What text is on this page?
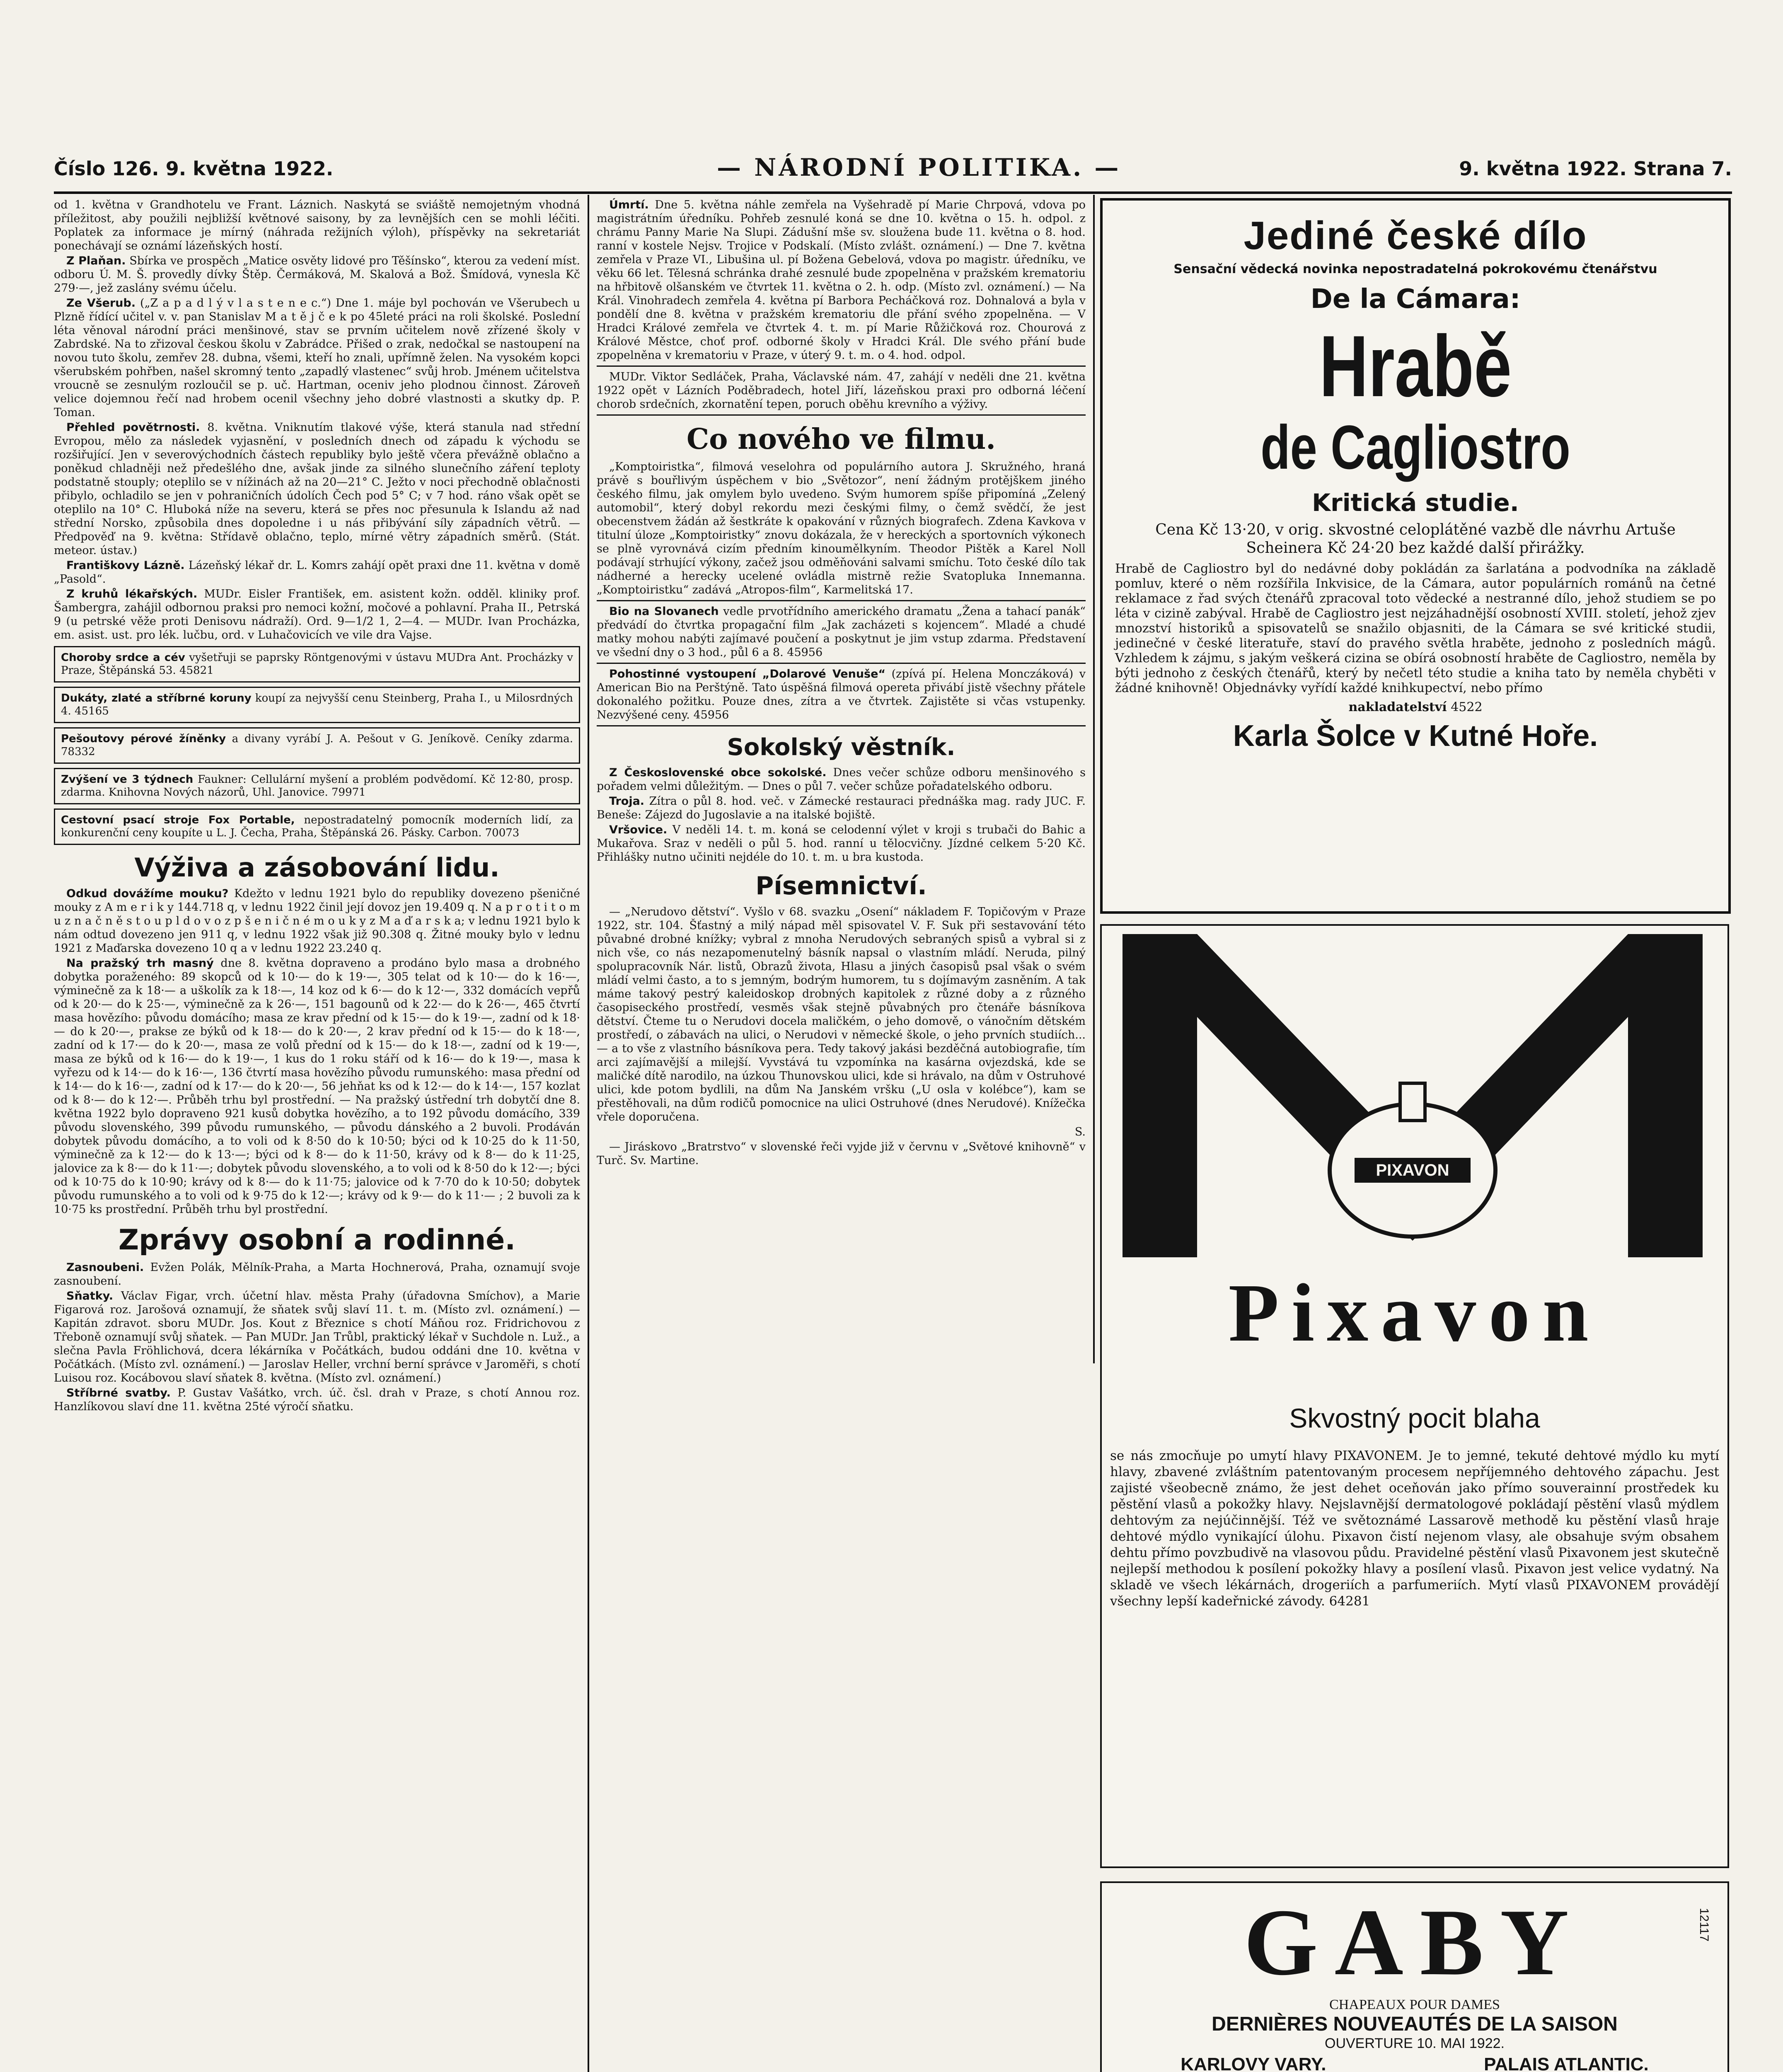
Číslo 126. 9. května 1922.	— NÁRODNÍ POLITIKA. —	9. května 1922. Strana 7.

od 1. května v Grandhotelu ve Frant. Láznich. Naskytá se sviáště nemojetným vhodná příležitost, aby použili nejbližší květnové saisony, by za levnějších cen se mohli léčiti. Poplatek za informace je mírný (náhrada režijních výloh), příspěvky na sekretariát ponechávají se oznámí lázeňských hostí.

Z Plaňan. Sbírka ve prospěch „Matice osvěty lidové pro Těšínsko“, kterou za vedení míst. odboru Ú. M. Š. provedly dívky Štěp. Čermáková, M. Skalová a Bož. Šmídová, vynesla Kč 279·—, jež zaslány svému účelu.

Ze Všerub. („Z a p a d l ý v l a s t e n e c.“) Dne 1. máje byl pochován ve Všerubech u Plzně řídící učitel v. v. pan Stanislav M a t ě j č e k po 45leté práci na roli školské. Poslední léta věnoval národní práci menšinové, stav se prvním učitelem nově zřízené školy v Zabrdské. Na to zřizoval českou školu v Zabrádce. Přišed o zrak, nedočkal se nastoupení na novou tuto školu, zemřev 28. dubna, všemi, kteří ho znali, upřímně želen. Na vysokém kopci všerubském pohřben, našel skromný tento „zapadlý vlastenec“ svůj hrob. Jménem učitelstva vroucně se zesnulým rozloučil se p. uč. Hartman, oceniv jeho plodnou činnost. Zároveň velice dojemnou řečí nad hrobem ocenil všechny jeho dobré vlastnosti a skutky dp. P. Toman.

Přehled povětrnosti. 8. května. Vniknutím tlakové výše, která stanula nad střední Evropou, mělo za následek vyjasnění, v posledních dnech od západu k východu se rozšiřující. Jen v severovýchodních částech republiky bylo ještě včera převážně oblačno a poněkud chladněji než předešlého dne, avšak jinde za silného slunečního záření teploty podstatně stouply; oteplilo se v nížinách až na 20—21° C. Ježto v noci přechodně oblačnosti přibylo, ochladilo se jen v pohraničních údolích Čech pod 5° C; v 7 hod. ráno však opět se oteplilo na 10° C. Hluboká níže na severu, která se přes noc přesunula k Islandu až nad střední Norsko, způsobila dnes dopoledne i u nás přibývání síly západních větrů. — Předpověď na 9. května: Střídavě oblačno, teplo, mírné větry západních směrů. (Stát. meteor. ústav.)

Františkovy Lázně. Lázeňský lékař dr. L. Komrs zahájí opět praxi dne 11. května v domě „Pasold“.

Z kruhů lékařských. MUDr. Eisler František, em. asistent kožn. odděl. kliniky prof. Šambergra, zahájil odbornou praksi pro nemoci kožní, močové a pohlavní. Praha II., Petrská 9 (u petrské věže proti Denisovu nádraží). Ord. 9—1/2 1, 2—4. — MUDr. Ivan Procházka, em. asist. ust. pro lék. lučbu, ord. v Luhačovicích ve vile dra Vajse.

Choroby srdce a cév vyšetřuji se paprsky Röntgenovými v ústavu MUDra Ant. Procházky v Praze, Štěpánská 53. 45821
Dukáty, zlaté a stříbrné koruny koupí za nejvyšší cenu Steinberg, Praha I., u Milosrdných 4. 45165
Pešoutovy pérové žíněnky a divany vyrábí J. A. Pešout v G. Jeníkově. Ceníky zdarma. 78332
Zvýšení ve 3 týdnech Faukner: Cellulární myšení a problém podvědomí. Kč 12·80, prosp. zdarma. Knihovna Nových názorů, Uhl. Janovice. 79971
Cestovní psací stroje Fox Portable, nepostradatelný pomocník moderních lidí, za konkurenční ceny koupíte u L. J. Čecha, Praha, Štěpánská 26. Pásky. Carbon. 70073
Výživa a zásobování lidu.

Odkud dovážíme mouku? Kdežto v lednu 1921 bylo do republiky dovezeno pšeničné mouky z A m e r i k y 144.718 q, v lednu 1922 činil její dovoz jen 19.409 q. N a p r o t i t o m u z n a č n ě s t o u p l d o v o z p š e n i č n é m o u k y z M a ď a r s k a; v lednu 1921 bylo k nám odtud dovezeno jen 911 q, v lednu 1922 však již 90.308 q. Žitné mouky bylo v lednu 1921 z Maďarska dovezeno 10 q a v lednu 1922 23.240 q.

Na pražský trh masný dne 8. května dopraveno a prodáno bylo masa a drobného dobytka poraženého: 89 skopců od k 10·— do k 19·—, 305 telat od k 10·— do k 16·—, výminečně za k 18·— a uškolík za k 18·—, 14 koz od k 6·— do k 12·—, 332 domácích vepřů od k 20·— do k 25·—, výminečně za k 26·—, 151 bagounů od k 22·— do k 26·—, 465 čtvrtí masa hovězího: původu domácího; masa ze krav přední od k 15·— do k 19·—, zadní od k 18·— do k 20·—, prakse ze býků od k 18·— do k 20·—, 2 krav přední od k 15·— do k 18·—, zadní od k 17·— do k 20·—, masa ze volů přední od k 15·— do k 18·—, zadní od k 19·—, masa ze býků od k 16·— do k 19·—, 1 kus do 1 roku stáří od k 16·— do k 19·—, masa k vyřezu od k 14·— do k 16·—, 136 čtvrtí masa hovězího původu rumunského: masa přední od k 14·— do k 16·—, zadní od k 17·— do k 20·—, 56 jehňat ks od k 12·— do k 14·—, 157 kozlat od k 8·— do k 12·—. Průběh trhu byl prostřední. — Na pražský ústřední trh dobytčí dne 8. května 1922 bylo dopraveno 921 kusů dobytka hovězího, a to 192 původu domácího, 339 původu slovenského, 399 původu rumunského, — původu dánského a 2 buvoli. Prodáván dobytek původu domácího, a to voli od k 8·50 do k 10·50; býci od k 10·25 do k 11·50, výminečně za k 12·— do k 13·—; býci od k 8·— do k 11·50, krávy od k 8·— do k 11·25, jalovice za k 8·— do k 11·—; dobytek původu slovenského, a to voli od k 8·50 do k 12·—; býci od k 10·75 do k 10·90; krávy od k 8·— do k 11·75; jalovice od k 7·70 do k 10·50; dobytek původu rumunského a to voli od k 9·75 do k 12·—; krávy od k 9·— do k 11·— ; 2 buvoli za k 10·75 ks prostřední. Průběh trhu byl prostřední.

Zprávy osobní a rodinné.

Zasnoubeni. Evžen Polák, Mělník-Praha, a Marta Hochnerová, Praha, oznamují svoje zasnoubení.

Sňatky. Václav Figar, vrch. účetní hlav. města Prahy (úřadovna Smíchov), a Marie Figarová roz. Jarošová oznamují, že sňatek svůj slaví 11. t. m. (Místo zvl. oznámení.) — Kapitán zdravot. sboru MUDr. Jos. Kout z Březnice s chotí Máňou roz. Fridrichovou z Třeboně oznamují svůj sňatek. — Pan MUDr. Jan Trůbl, praktický lékař v Suchdole n. Luž., a slečna Pavla Fröhlichová, dcera lékárníka v Počátkách, budou oddáni dne 10. května v Počátkách. (Místo zvl. oznámení.) — Jaroslav Heller, vrchní berní správce v Jaroměři, s chotí Luisou roz. Kocábovou slaví sňatek 8. května. (Místo zvl. oznámení.)

Stříbrné svatby. P. Gustav Vašátko, vrch. úč. čsl. drah v Praze, s chotí Annou roz. Hanzlíkovou slaví dne 11. května 25té výročí sňatku.

Úmrtí. Dne 5. května náhle zemřela na Vyšehradě pí Marie Chrpová, vdova po magistrátním úředníku. Pohřeb zesnulé koná se dne 10. května o 15. h. odpol. z chrámu Panny Marie Na Slupi. Zádušní mše sv. sloužena bude 11. května o 8. hod. ranní v kostele Nejsv. Trojice v Podskalí. (Místo zvlášt. oznámení.) — Dne 7. května zemřela v Praze VI., Libušina ul. pí Božena Gebelová, vdova po magistr. úředníku, ve věku 66 let. Tělesná schránka drahé zesnulé bude zpopelněna v pražském krematoriu na hřbitově olšanském ve čtvrtek 11. května o 2. h. odp. (Místo zvl. oznámení.) — Na Král. Vinohradech zemřela 4. května pí Barbora Pecháčková roz. Dohnalová a byla v pondělí dne 8. května v pražském krematoriu dle přání svého zpopelněna. — V Hradci Králové zemřela ve čtvrtek 4. t. m. pí Marie Růžičková roz. Chourová z Králové Městce, choť prof. odborné školy v Hradci Král. Dle svého přání bude zpopelněna v krematoriu v Praze, v úterý 9. t. m. o 4. hod. odpol.

MUDr. Viktor Sedláček, Praha, Václavské nám. 47, zahájí v neděli dne 21. května 1922 opět v Lázních Poděbradech, hotel Jiří, lázeňskou praxi pro odborná léčení chorob srdečních, zkornatění tepen, poruch oběhu krevního a výživy.

Co nového ve filmu.

„Komptoiristka“, filmová veselohra od populárního autora J. Skružného, hraná právě s bouřlivým úspěchem v bio „Světozor“, není žádným protějškem jiného českého filmu, jak omylem bylo uvedeno. Svým humorem spíše připomíná „Zelený automobil“, který dobyl rekordu mezi českými filmy, o čemž svědčí, že jest obecenstvem žádán až šestkráte k opakování v různých biografech. Zdena Kavkova v titulní úloze „Komptoiristky“ znovu dokázala, že v hereckých a sportovních výkonech se plně vyrovnává cizím předním kinoumělkyním. Theodor Pištěk a Karel Noll podávají strhující výkony, začež jsou odměňováni salvami smíchu. Toto české dílo tak nádherné a herecky ucelené ovládla mistrně režie Svatopluka Innemanna. „Komptoiristku“ zadává „Atropos-film“, Karmelitská 17.

Bio na Slovanech vedle prvotřídního amerického dramatu „Žena a tahací panák“ předvádí do čtvrtka propagační film „Jak zacházeti s kojencem“. Mladé a chudé matky mohou nabýti zajímavé poučení a poskytnut je jim vstup zdarma. Představení ve všední dny o 3 hod., půl 6 a 8. 45956

Pohostinné vystoupení „Dolarové Venuše“ (zpívá pí. Helena Monczáková) v American Bio na Perštýně. Tato úspěšná filmová opereta přivábí jistě všechny přátele dokonalého požitku. Pouze dnes, zítra a ve čtvrtek. Zajistěte si včas vstupenky. Nezvýšené ceny. 45956

Sokolský věstník.

Z Československé obce sokolské. Dnes večer schůze odboru menšinového s pořadem velmi důležitým. — Dnes o půl 7. večer schůze pořadatelského odboru.

Troja. Zítra o půl 8. hod. več. v Zámecké restauraci přednáška mag. rady JUC. F. Beneše: Zájezd do Jugoslavie a na italské bojiště.

Vršovice. V neděli 14. t. m. koná se celodenní výlet v kroji s trubači do Bahic a Mukařova. Sraz v neděli o půl 5. hod. ranní u tělocvičny. Jízdné celkem 5·20 Kč. Přihlášky nutno učiniti nejdéle do 10. t. m. u bra kustoda.

Písemnictví.

— „Nerudovo dětství“. Vyšlo v 68. svazku „Osení“ nákladem F. Topičovým v Praze 1922, str. 104. Šťastný a milý nápad měl spisovatel V. F. Suk při sestavování této půvabné drobné knížky; vybral z mnoha Nerudových sebraných spisů a vybral si z nich vše, co nás nezapomenutelný básník napsal o vlastním mládí. Neruda, pilný spolupracovník Nár. listů, Obrazů života, Hlasu a jiných časopisů psal však o svém mládí velmi často, a to s jemným, bodrým humorem, tu s dojímavým zasněním. A tak máme takový pestrý kaleidoskop drobných kapitolek z různé doby a z různého časopiseckého prostředí, vesměs však stejně půvabných pro čtenáře básníkova dětství. Čteme tu o Nerudovi docela maličkém, o jeho domově, o vánočním dětském prostředí, o zábavách na ulici, o Nerudovi v německé škole, o jeho prvních studiích... — a to vše z vlastního básníkova pera. Tedy takový jakási bezděčná autobiografie, tím arci zajímavější a milejší. Vyvstává tu vzpomínka na kasárna ovjezdská, kde se maličké dítě narodilo, na úzkou Thunovskou ulici, kde si hrávalo, na dům v Ostruhové ulici, kde potom bydlili, na dům Na Janském vršku („U osla v kolébce“), kam se přestěhovali, na dům rodičů pomocnice na ulici Ostruhové (dnes Nerudové). Knížečka vřele doporučena.

S.

— Jiráskovo „Bratrstvo“ v slovenské řeči vyjde již v červnu v „Světové knihovně“ v Turč. Sv. Martine.

Jediné české dílo
Sensační vědecká novinka nepostradatelná pokrokovému čtenářstvu
De la Cámara:
Hrabě
de Cagliostro
Kritická studie.
Cena Kč 13·20, v orig. skvostné celoplátěné vazbě dle návrhu Artuše Scheinera Kč 24·20 bez každé další přirážky.
Hrabě de Cagliostro byl do nedávné doby pokládán za šarlatána a podvodníka na základě pomluv, které o něm rozšířila Inkvisice, de la Cámara, autor populárních románů na četné reklamace z řad svých čtenářů zpracoval toto vědecké a nestranné dílo, jehož studiem se po léta v cizině zabýval. Hrabě de Cagliostro jest nejzáhadnější osobností XVIII. století, jehož zjev mnozství historiků a spisovatelů se snažilo objasniti, de la Cámara se své kritické studii, jedinečné v české literatuře, staví do pravého světla hraběte, jednoho z posledních mágů. Vzhledem k zájmu, s jakým veškerá cizina se obírá osobností hraběte de Cagliostro, neměla by býti jednoho z českých čtenářů, který by nečetl této studie a kniha tato by neměla chyběti v žádné knihovně! Objednávky vyřídí každé knihkupectví, nebo přímo
nakladatelství 4522
Karla Šolce v Kutné Hoře.
PIXAVON
Pixavon
Skvostný pocit blaha
se nás zmocňuje po umytí hlavy PIXAVONEM. Je to jemné, tekuté dehtové mýdlo ku mytí hlavy, zbavené zvláštním patentovaným procesem nepříjemného dehtového zápachu. Jest zajisté všeobecně známo, že jest dehet oceňován jako přímo souverainní prostředek ku pěstění vlasů a pokožky hlavy. Nejslavnější dermatologové pokládají pěstění vlasů mýdlem dehtovým za nejúčinnější. Též ve světoznámé Lassarově methodě ku pěstění vlasů hraje dehtové mýdlo vynikající úlohu. Pixavon čistí nejenom vlasy, ale obsahuje svým obsahem dehtu přímo povzbudivě na vlasovou půdu. Pravidelné pěstění vlasů Pixavonem jest skutečně nejlepší methodou k posílení pokožky hlavy a posílení vlasů. Pixavon jest velice vydatný. Na skladě ve všech lékárnách, drogeriích a parfumeriích. Mytí vlasů PIXAVONEM provádějí všechny lepší kadeřnické závody. 64281
GABY	12117
CHAPEAUX POUR DAMES
DERNIÈRES NOUVEAUTÉS DE LA SAISON
OUVERTURE 10. MAI 1922.
KARLOVY VARY.	PALAIS ATLANTIC.
